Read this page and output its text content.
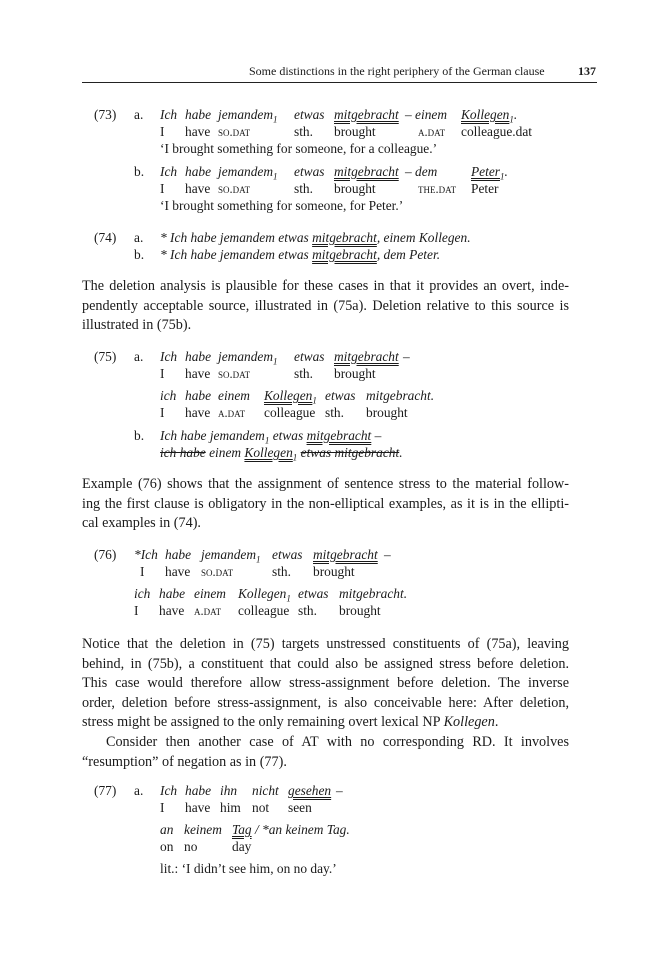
Some distinctions in the right periphery of the German clause	137
(73) a. Ich habe jemandem$_1$ etwas mitgebracht – einem Kollegen$_1$.
I have so.dat	sth. brought	a.dat colleague.dat
‘I brought something for someone, for a colleague.’
b. Ich habe jemandem$_1$ etwas mitgebracht – dem	Peter$_1$.
I have so.dat	sth. brought	the.dat Peter
‘I brought something for someone, for Peter.’
(74) a. * Ich habe jemandem etwas mitgebracht, einem Kollegen.
b. * Ich habe jemandem etwas mitgebracht, dem Peter.
The deletion analysis is plausible for these cases in that it provides an overt, inde-
pendently acceptable source, illustrated in (75a). Deletion relative to this source is
illustrated in (75b).
(75) a. Ich habe jemandem$_1$ etwas mitgebracht –
I have so.dat	sth. brought
ich habe einem Kollegen$_1$ etwas mitgebracht.
I have a.dat colleague sth. brought
b. Ich habe jemandem$_1$ etwas mitgebracht –
ich habe einem Kollegen$_1$ etwas mitgebracht.
Example (76) shows that the assignment of sentence stress to the material follow-
ing the first clause is obligatory in the non-elliptical examples, as it is in the ellipti-
cal examples in (74).
(76) *Ich habe jemandem$_1$ etwas mitgebracht –
I have so.dat	sth. brought
ich habe einem Kollegen$_1$ etwas mitgebracht.
I have a.dat colleague sth. brought
Notice that the deletion in (75) targets unstressed constituents of (75a), leaving
behind, in (75b), a constituent that could also be assigned stress before deletion.
This case would therefore allow stress-assignment before deletion. The inverse
order, deletion before stress-assignment, is also conceivable here: After deletion,
stress might be assigned to the only remaining overt lexical NP Kollegen.
Consider then another case of AT with no corresponding RD. It involves
“resumption” of negation as in (77).
(77) a. Ich habe ihn nicht gesehen –
I have him not seen
an keinem Tag / *an keinem Tag.
on no	day
lit.: ‘I didn’t see him, on no day.’
